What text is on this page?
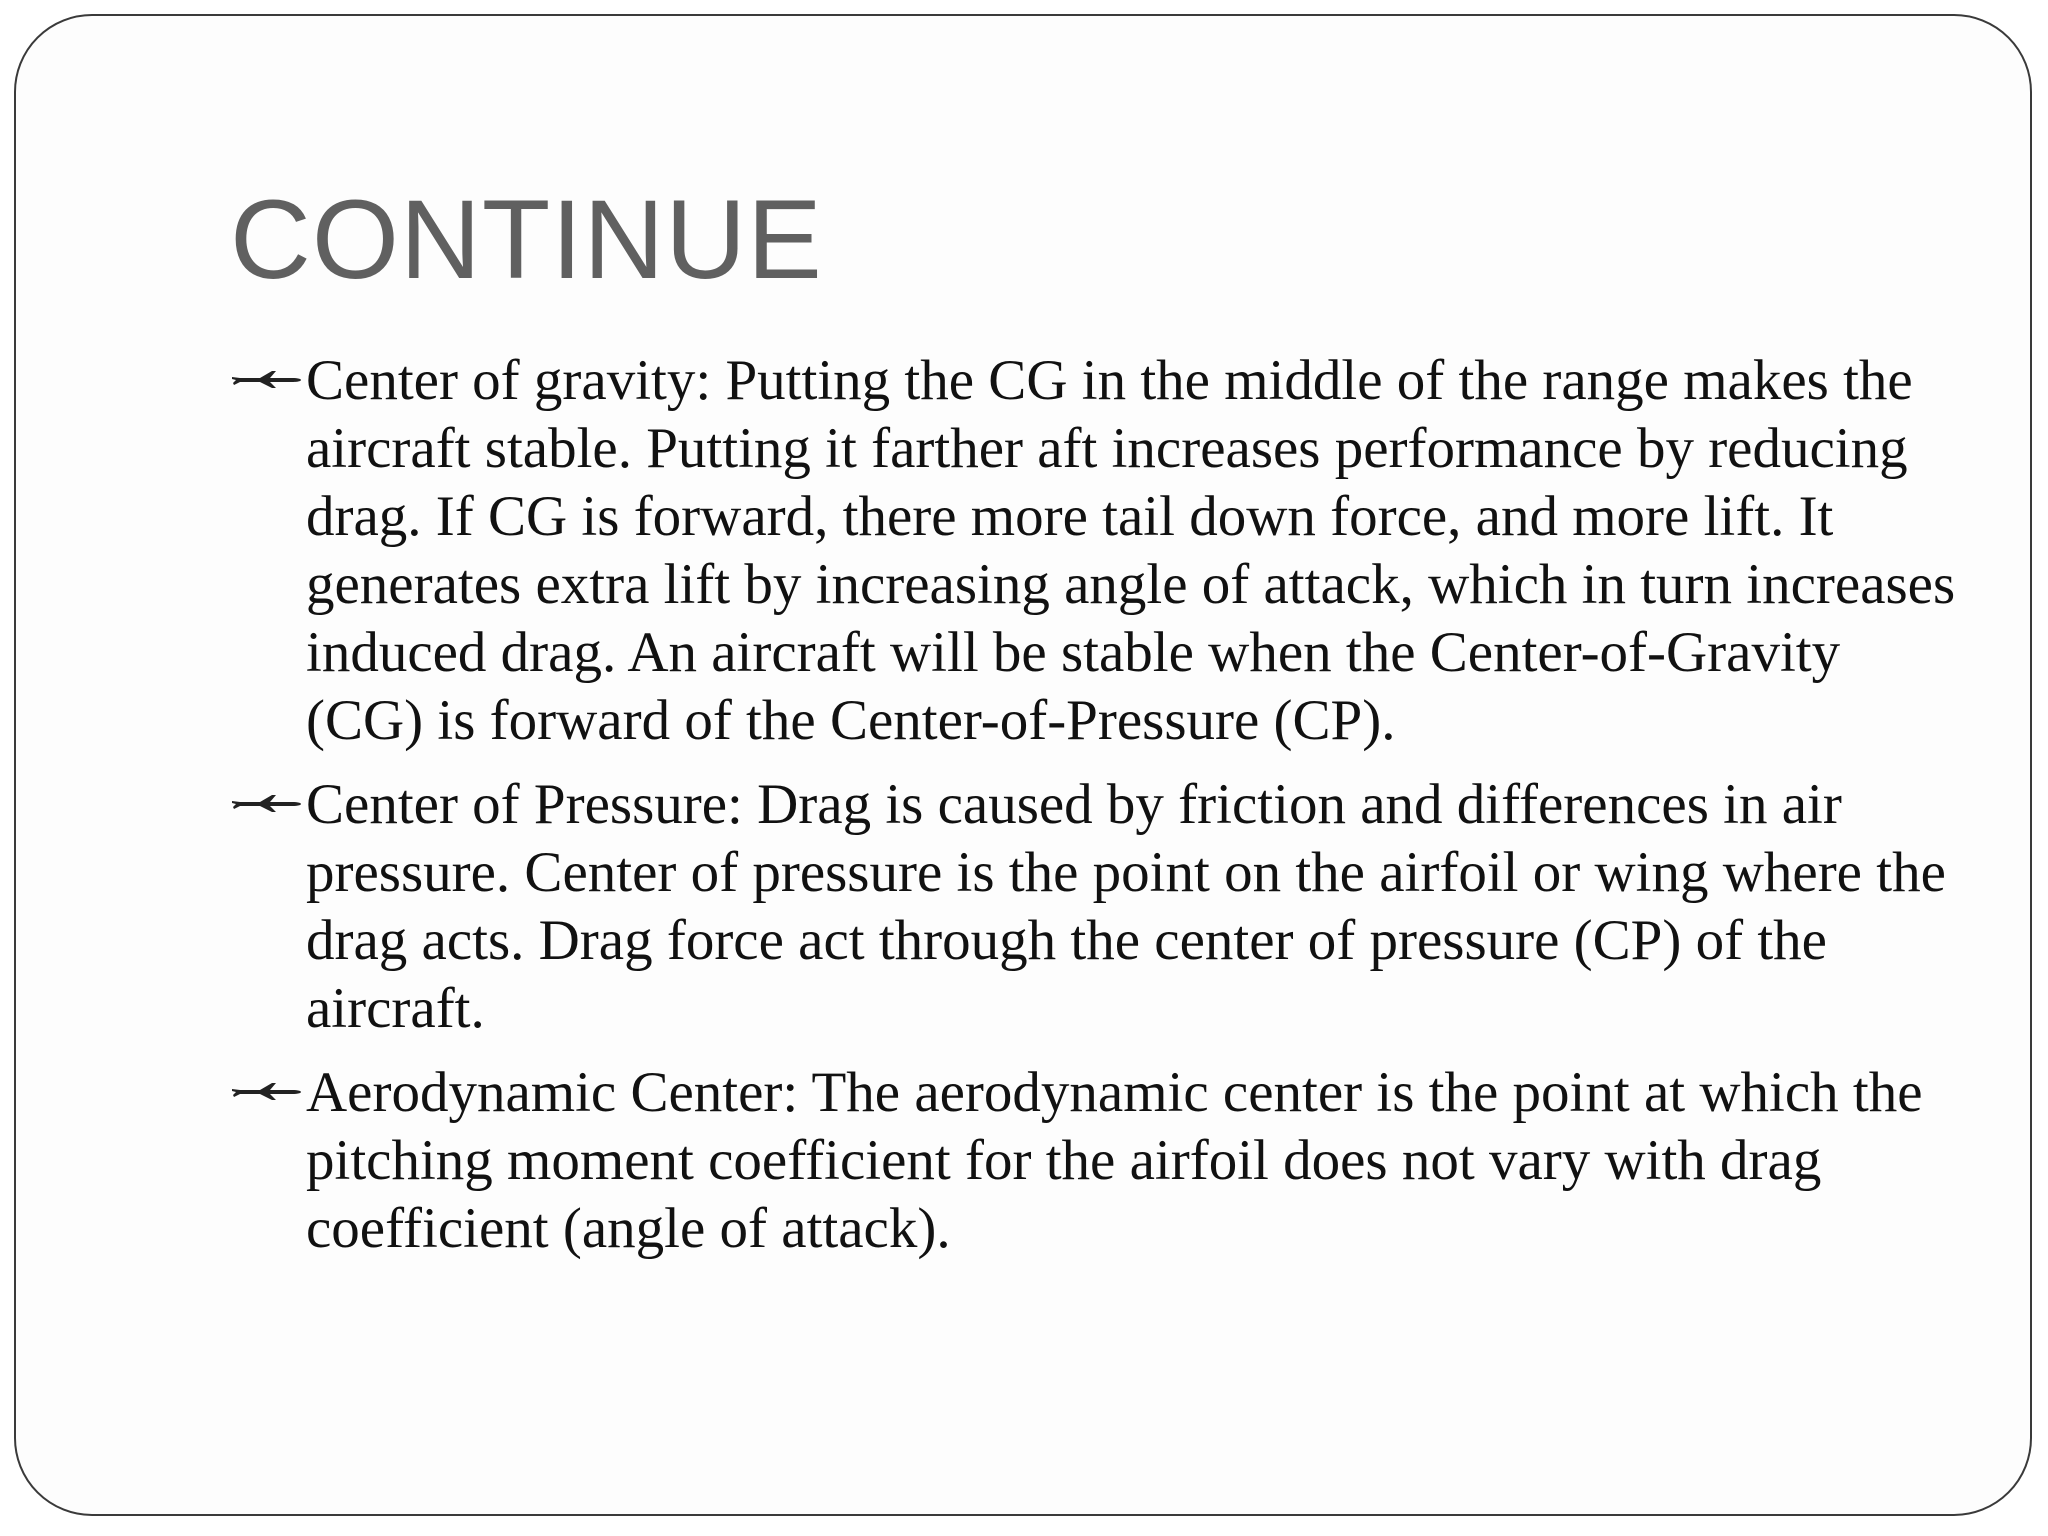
CONTINUE
Center of gravity: Putting the CG in the middle of the range makes the aircraft stable. Putting it farther aft increases performance by reducing drag. If CG is forward, there more tail down force, and more lift. It generates extra lift by increasing angle of attack, which in turn increases induced drag. An aircraft will be stable when the Center-of-Gravity (CG) is forward of the Center-of-Pressure (CP).
Center of Pressure: Drag is caused by friction and differences in air pressure. Center of pressure is the point on the airfoil or wing where the drag acts. Drag force act through the center of pressure (CP) of the aircraft.
Aerodynamic Center: The aerodynamic center is the point at which the pitching moment coefficient for the airfoil does not vary with drag coefficient (angle of attack).
